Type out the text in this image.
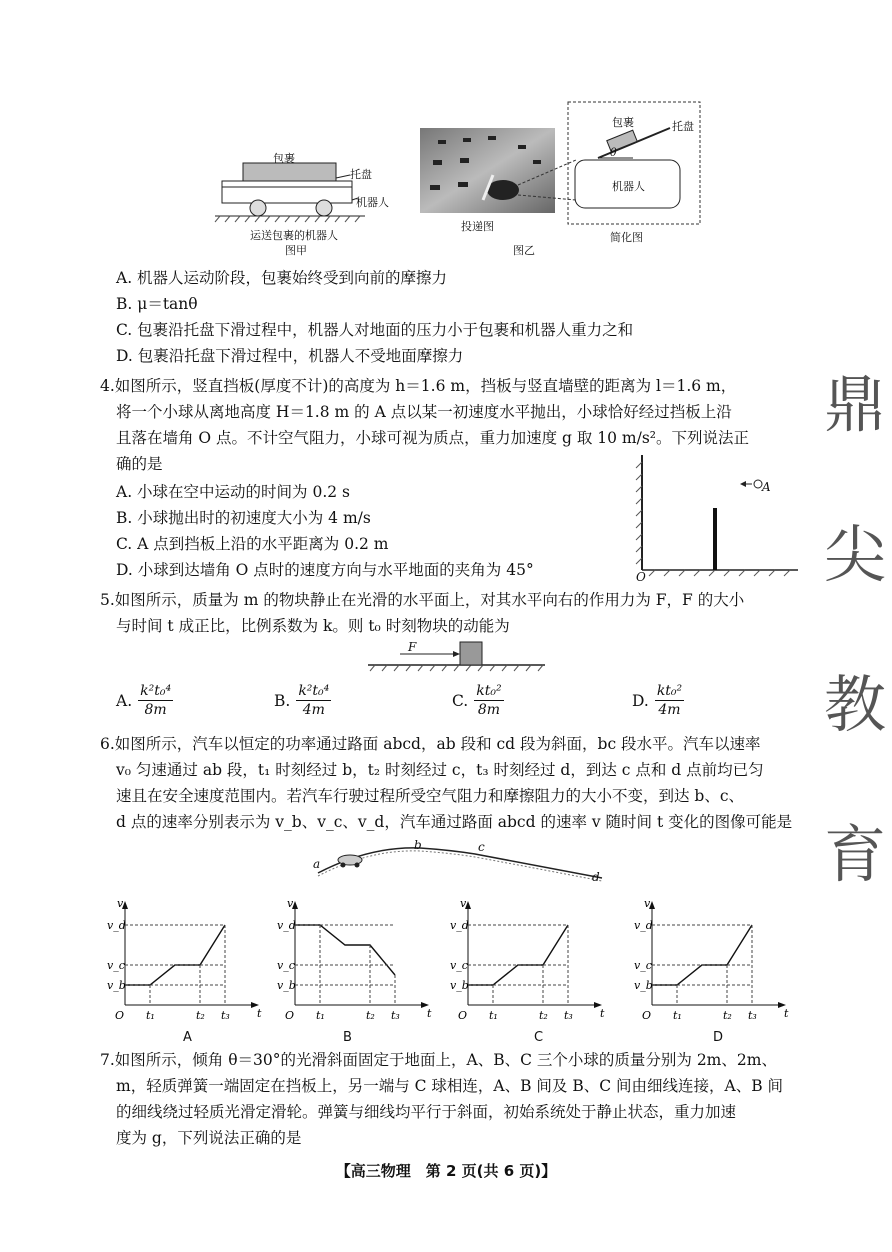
包裹
托盘
机器人
运送包裹的机器人
图甲
包裹	托盘
机器人
θ
投递图
图乙
简化图
A. 机器人运动阶段，包裹始终受到向前的摩擦力
B. μ＝tanθ
C. 包裹沿托盘下滑过程中，机器人对地面的压力小于包裹和机器人重力之和
D. 包裹沿托盘下滑过程中，机器人不受地面摩擦力
4.如图所示，竖直挡板(厚度不计)的高度为 h＝1.6 m，挡板与竖直墙壁的距离为 l＝1.6 m，
将一个小球从离地高度 H＝1.8 m 的 A 点以某一初速度水平抛出，小球恰好经过挡板上沿
且落在墙角 O 点。不计空气阻力，小球可视为质点，重力加速度 g 取 10 m/s²。下列说法正
确的是
A. 小球在空中运动的时间为 0.2 s
B. 小球抛出时的初速度大小为 4 m/s
C. A 点到挡板上沿的水平距离为 0.2 m
D. 小球到达墙角 O 点时的速度方向与水平地面的夹角为 45°
A
O
5.如图所示，质量为 m 的物块静止在光滑的水平面上，对其水平向右的作用力为 F，F 的大小
与时间 t 成正比，比例系数为 k。则 t₀ 时刻物块的动能为
F
A. $\frac{\text{k²t₀⁴}}{8m}$	B. $\frac{\text{k²t₀⁴}}{4m}$	C. $\frac{\text{kt₀²}}{8m}$	D. $\frac{\text{kt₀²}}{4m}$
6.如图所示，汽车以恒定的功率通过路面 abcd，ab 段和 cd 段为斜面，bc 段水平。汽车以速率
v₀ 匀速通过 ab 段，t₁ 时刻经过 b，t₂ 时刻经过 c，t₃ 时刻经过 d，到达 c 点和 d 点前均已匀
速且在安全速度范围内。若汽车行驶过程所受空气阻力和摩擦阻力的大小不变，到达 b、c、
d 点的速率分别表示为 v_b、v_c、v_d，汽车通过路面 abcd 的速率 v 随时间 t 变化的图像可能是
a
b	c
d
v
t
O t₁	t₂ t₃
v_b
v_c
v_d
v
t
O t₁	t₂ t₃
v_b
v_c
v_d
v
t
O t₁	t₂ t₃
v_b
v_c
v_d
v
t
O t₁	t₂ t₃
v_b
v_c
v_d
A	B	C	D
7.如图所示，倾角 θ＝30°的光滑斜面固定于地面上，A、B、C 三个小球的质量分别为 2m、2m、
m，轻质弹簧一端固定在挡板上，另一端与 C 球相连，A、B 间及 B、C 间由细线连接，A、B 间
的细线绕过轻质光滑定滑轮。弹簧与细线均平行于斜面，初始系统处于静止状态，重力加速
度为 g，下列说法正确的是
鼎
尖
教
育
【高三物理　第 2 页(共 6 页)】
